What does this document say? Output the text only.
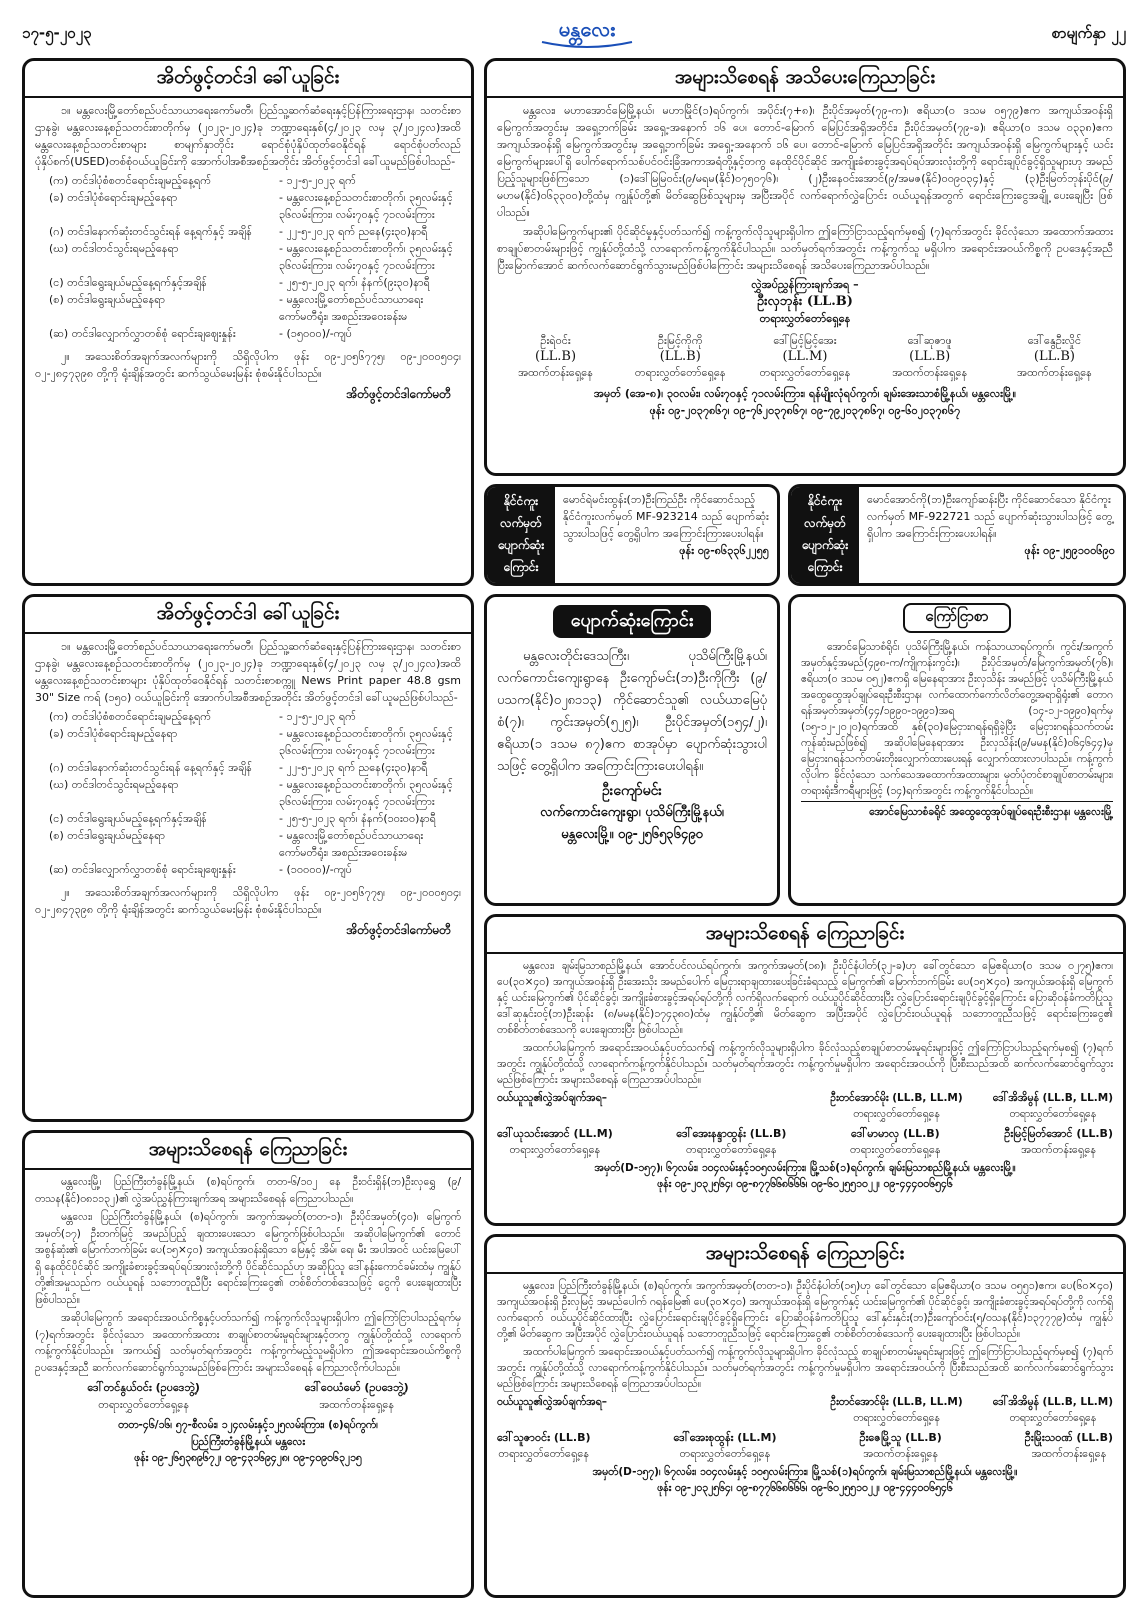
၁၇-၅-၂၀၂၃	မန္တလေး	စာမျက်နှာ ၂၂
အိတ်ဖွင့်တင်ဒါ ခေါ်ယူခြင်း

၁။ မန္တလေးမြို့တော်စည်ပင်သာယာရေးကော်မတီ၊ ပြည်သူ့ဆက်ဆံရေးနှင့်ပြန်ကြားရေးဌာန၊ သတင်းစာဌာနခွဲ၊ မန္တလေးနေ့စဉ်သတင်းစာတိုက်မှ (၂၀၂၃-၂၀၂၄)ခု ဘဏ္ဍာရေးနှစ်(၄/၂၀၂၃ လမှ ၃/၂၀၂၄လ)အထိ မန္တလေးနေ့စဉ်သတင်းစာများ စာမျက်နှာတိုင်း ရောင်စုံပုံနှိပ်ထုတ်ဝေနိုင်ရန် ရောင်စုံပတ်လည်ပုံနှိပ်စက်(USED)တစ်စုံဝယ်ယူခြင်းကို အောက်ပါအစီအစဉ်အတိုင်း အိတ်ဖွင့်တင်ဒါ ခေါ်ယူမည်ဖြစ်ပါသည်-

(က) တင်ဒါပုံစံစတင်ရောင်းချမည့်နေ့ရက်	- ၁၂-၅-၂၀၂၃ ရက်
(ခ) တင်ဒါပုံစံရောင်းချမည့်နေရာ	- မန္တလေးနေ့စဉ်သတင်းစာတိုက်၊ ၃၅လမ်းနှင့် ၃၆လမ်းကြား၊ လမ်း၇၀နှင့် ၇၁လမ်းကြား
(ဂ) တင်ဒါနောက်ဆုံးတင်သွင်းရန် နေ့ရက်နှင့် အချိန်	- ၂၂-၅-၂၀၂၃ ရက် ညနေ(၄း၃၀)နာရီ
(ဃ) တင်ဒါတင်သွင်းရမည့်နေရာ	- မန္တလေးနေ့စဉ်သတင်းစာတိုက်၊ ၃၅လမ်းနှင့် ၃၆လမ်းကြား၊ လမ်း၇၀နှင့် ၇၁လမ်းကြား
(င) တင်ဒါရွေးချယ်မည့်နေ့ရက်နှင့်အချိန်	- ၂၅-၅-၂၀၂၃ ရက်၊ နံနက်(၉း၃၀)နာရီ
(စ) တင်ဒါရွေးချယ်မည့်နေရာ	- မန္တလေးမြို့တော်စည်ပင်သာယာရေးကော်မတီရုံး၊ အစည်းအဝေးခန်းမ
(ဆ) တင်ဒါလျှောက်လွှာတစ်စုံ ရောင်းချဈေးနှုန်း	- (၁၅၀၀၀)/-ကျပ်

၂။ အသေးစိတ်အချက်အလက်များကို သိရှိလိုပါက ဖုန်း ၀၉-၂၀၅၆၇၇၅၊ ၀၉-၂၀၀၀၅၀၄၊ ၀၂-၂၈၄၇၃၉၈ တို့ကို ရုံးချိန်အတွင်း ဆက်သွယ်မေးမြန်း စုံစမ်းနိုင်ပါသည်။

အိတ်ဖွင့်တင်ဒါကော်မတီ
အများသိစေရန် အသိပေးကြေညာခြင်း

မန္တလေး၊ မဟာအောင်မြေမြို့နယ်၊ မဟာမြိုင်(၁)ရပ်ကွက်၊ အပိုင်း(၇+၈)၊ ဦးပိုင်အမှတ်(၇၉-က)၊ ဧရိယာ(၀ ဒသမ ၀၅၇၉)ဧက အကျယ်အဝန်းရှိ မြေကွက်အတွင်းမှ အရှေ့ဘက်ခြမ်း အရှေ့-အနောက် ၁၆ ပေ၊ တောင်-မြောက် မြေပြင်အရှိအတိုင်း၊ ဦးပိုင်အမှတ်(၇၉-ခ)၊ ဧရိယာ(၀ ဒသမ ၀၃၃၈)ဧက အကျယ်အဝန်းရှိ မြေကွက်အတွင်းမှ အရှေ့ဘက်ခြမ်း အရှေ့-အနောက် ၁၆ ပေ၊ တောင်-မြောက် မြေပြင်အရှိအတိုင်း အကျယ်အဝန်းရှိ မြေကွက်များနှင့် ယင်းမြေကွက်များပေါ်ရှိ ပေါက်ရောက်သစ်ပင်ဝင်းခြံအကာအရံတို့နှင့်တကွ နေထိုင်ပိုင်ဆိုင် အကျိုးခံစားခွင့်အရပ်ရပ်အားလုံးတို့ကို ရောင်းချပိုင်ခွင့်ရှိသူများဟု အမည်ပြည့်သူများဖြစ်ကြသော (၁)ဒေါ်မြမြဝင်း(၉/မရမ(နိုင်)၀၇၅၀၇၆)၊ (၂)ဦးနေဝင်းအောင်(၉/အမဇ(နိုင်)၀၀၉၀၃၄)နှင့် (၃)ဦးမြတ်ဘုန်းပိုင်(၉/မဟမ(နိုင်)၀၆၃၃၀၀)တို့ထံမှ ကျွန်ုပ်တို့၏ မိတ်ဆွေဖြစ်သူများမှ အပြီးအပိုင် လက်ရောက်လွှဲပြောင်း ဝယ်ယူရန်အတွက် ရောင်းကြေးငွေအချို့ ပေးချေပြီး ဖြစ်ပါသည်။

အဆိုပါမြေကွက်များ၏ ပိုင်ဆိုင်မှုနှင့်ပတ်သက်၍ ကန့်ကွက်လိုသူများရှိပါက ဤကြော်ငြာသည့်ရက်မှစ၍ (၇)ရက်အတွင်း ခိုင်လုံသော အထောက်အထား စာချုပ်စာတမ်းများဖြင့် ကျွန်ုပ်တို့ထံသို့ လာရောက်ကန့်ကွက်နိုင်ပါသည်။ သတ်မှတ်ရက်အတွင်း ကန့်ကွက်သူ မရှိပါက အရောင်းအဝယ်ကိစ္စကို ဥပဒေနှင့်အညီ ပြီးမြောက်အောင် ဆက်လက်ဆောင်ရွက်သွားမည်ဖြစ်ပါကြောင်း အများသိစေရန် အသိပေးကြေညာအပ်ပါသည်။

လွှဲအပ်ညွှန်ကြားချက်အရ –
ဦးလှဘုန်း (LL.B)
တရားလွှတ်တော်ရှေ့နေ
ဦးရဲဝင်း
(LL.B)
အထက်တန်းရှေ့နေ
ဦးမြင့်ကိုကို
(LL.B)
တရားလွှတ်တော်ရှေ့နေ
ဒေါ်မြင့်မြင့်အေး
(LL.M)
တရားလွှတ်တော်ရှေ့နေ
ဒေါ်ဆုဇာဖူ
(LL.B)
အထက်တန်းရှေ့နေ
ဒေါ်နွေဦးလှိုင်
(LL.B)
အထက်တန်းရှေ့နေ
အမှတ် (အေ-၈)၊ ၃၀လမ်း၊ လမ်း၇၀နှင့် ၇၁လမ်းကြား၊ ရန်မျိုးလုံရပ်ကွက်၊ ချမ်းအေးသာစံမြို့နယ်၊ မန္တလေးမြို့။
ဖုန်း ၀၉-၂၀၃၇၈၆၇၊ ၀၉-၇၆၂၀၃၇၈၆၇၊ ၀၉-၇၉၂၀၃၇၈၆၇၊ ၀၉-၆၀၂၀၃၇၈၆၇
နိုင်ငံကူး
လက်မှတ်
ပျောက်ဆုံး
ကြောင်း
မောင်ရဲမင်းထွန်း(ဘ)ဦးကြည်ဦး ကိုင်ဆောင်သည့် နိုင်ငံကူးလက်မှတ် MF-923214 သည် ပျောက်ဆုံးသွားပါသဖြင့် တွေ့ရှိပါက အကြောင်းကြားပေးပါရန်။
ဖုန်း ၀၉-၈၆၃၃၆၂၂၅၅
နိုင်ငံကူး
လက်မှတ်
ပျောက်ဆုံး
ကြောင်း
မောင်အောင်ကို(ဘ)ဦးကျော်ဆန်းပြီး ကိုင်ဆောင်သော နိုင်ငံကူးလက်မှတ် MF-922721 သည် ပျောက်ဆုံးသွားပါသဖြင့် တွေ့ရှိပါက အကြောင်းကြားပေးပါရန်။
ဖုန်း ၀၉-၂၅၉၁၀၀၆၉၀
အိတ်ဖွင့်တင်ဒါ ခေါ်ယူခြင်း

၁။ မန္တလေးမြို့တော်စည်ပင်သာယာရေးကော်မတီ၊ ပြည်သူ့ဆက်ဆံရေးနှင့်ပြန်ကြားရေးဌာန၊ သတင်းစာဌာနခွဲ၊ မန္တလေးနေ့စဉ်သတင်းစာတိုက်မှ (၂၀၂၃-၂၀၂၄)ခု ဘဏ္ဍာရေးနှစ်(၄/၂၀၂၃ လမှ ၃/၂၀၂၄လ)အထိ မန္တလေးနေ့စဉ်သတင်းစာများ ပုံနှိပ်ထုတ်ဝေနိုင်ရန် သတင်းစာစက္ကူ News Print paper 48.8 gsm 30" Size ကရ် (၁၅၀) ဝယ်ယူခြင်းကို အောက်ပါအစီအစဉ်အတိုင်း အိတ်ဖွင့်တင်ဒါ ခေါ်ယူမည်ဖြစ်ပါသည်-

(က) တင်ဒါပုံစံစတင်ရောင်းချမည့်နေ့ရက်	- ၁၂-၅-၂၀၂၃ ရက်
(ခ) တင်ဒါပုံစံရောင်းချမည့်နေရာ	- မန္တလေးနေ့စဉ်သတင်းစာတိုက်၊ ၃၅လမ်းနှင့် ၃၆လမ်းကြား၊ လမ်း၇၀နှင့် ၇၁လမ်းကြား
(ဂ) တင်ဒါနောက်ဆုံးတင်သွင်းရန် နေ့ရက်နှင့် အချိန်	- ၂၂-၅-၂၀၂၃ ရက် ညနေ(၄း၃၀)နာရီ
(ဃ) တင်ဒါတင်သွင်းရမည့်နေရာ	- မန္တလေးနေ့စဉ်သတင်းစာတိုက်၊ ၃၅လမ်းနှင့် ၃၆လမ်းကြား၊ လမ်း၇၀နှင့် ၇၁လမ်းကြား
(င) တင်ဒါရွေးချယ်မည့်နေ့ရက်နှင့်အချိန်	- ၂၅-၅-၂၀၂၃ ရက်၊ နံနက်(၁၀း၀၀)နာရီ
(စ) တင်ဒါရွေးချယ်မည့်နေရာ	- မန္တလေးမြို့တော်စည်ပင်သာယာရေးကော်မတီရုံး၊ အစည်းအဝေးခန်းမ
(ဆ) တင်ဒါလျှောက်လွှာတစ်စုံ ရောင်းချဈေးနှုန်း	- (၁၀၀၀၀)/-ကျပ်

၂။ အသေးစိတ်အချက်အလက်များကို သိရှိလိုပါက ဖုန်း ၀၉-၂၀၅၆၇၇၅၊ ၀၉-၂၀၀၀၅၀၄၊ ၀၂-၂၈၄၇၃၉၈ တို့ကို ရုံးချိန်အတွင်း ဆက်သွယ်မေးမြန်း စုံစမ်းနိုင်ပါသည်။

အိတ်ဖွင့်တင်ဒါကော်မတီ
ပျောက်ဆုံးကြောင်း

မန္တလေးတိုင်းဒေသကြီး၊ ပုသိမ်ကြီးမြို့နယ်၊ လက်ကောင်းကျေးရွာနေ ဦးကျော်မင်း(ဘ)ဦးကိုကြီး (၉/ပသက(နိုင်)၀၂၈၁၁၃) ကိုင်ဆောင်သူ၏ လယ်ယာမြေပုံစံ(၇)၊ ကွင်းအမှတ်(၅၂၅)၊ ဦးပိုင်အမှတ်(၁၅၄/၂)၊ ဧရိယာ(၁ ဒသမ ၈၇)ဧက စာအုပ်မှာ ပျောက်ဆုံးသွားပါသဖြင့် တွေ့ရှိပါက အကြောင်းကြားပေးပါရန်။

ဦးကျော်မင်း
လက်ကောင်းကျေးရွာ၊ ပုသိမ်ကြီးမြို့နယ်၊
မန္တလေးမြို့။ ၀၉-၂၅၆၅၃၆၄၉၀
ကြော်ငြာစာ

အောင်မြေသာစံရိုင်၊ ပုသိမ်ကြီးမြို့နယ်၊ ကန်သာယာရပ်ကွက်၊ ကွင်း/အကွက်အမှတ်နှင့်အမည်(၄၉၈-က/ကျိုကန်းကွင်း)၊ ဦးပိုင်အမှတ်/မြေကွက်အမှတ်(၇၆)၊ ဧရိယာ(၀ ဒသမ ၀၅၂)ဧကရှိ မြေနေရာအား ဦးလှသိန်း အမည်ဖြင့် ပုသိမ်ကြီးမြို့နယ် အထွေထွေအုပ်ချုပ်ရေးဦးစီးဌာန၊ လက်ထောက်ကော်လိတ်တွေ့အရာရှိရုံး၏ တောဂရန်အမှတ်အမှတ်(၄၄/၁၉၉၀-၁၉၉၁)အရ (၁၄-၁၂-၁၉၉၀)ရက်မှ (၁၅-၁၂-၂၀၂၀)ရက်အထိ နှစ်(၃၀)မြေငှားဂရန်ရရှိခဲ့ပြီး မြေငှားဂရန်သက်တမ်းကုန်ဆုံးမည်ဖြစ်၍ အဆိုပါမြေနေရာအား ဦးလှသိန်း(၉/မမန(နိုင်)၀၆၄၆၄၄)မှ မြေငှားဂရန်သက်တမ်းတိုးလျှောက်ထားပေးရန် လျှောက်ထားလာပါသည်။ ကန့်ကွက်လိုပါက ခိုင်လုံသော သက်သေအထောက်အထားများ၊ မှတ်ပုံတင်စာချုပ်စာတမ်းများ၊ တရားရုံးဒီကရီများဖြင့် (၁၄)ရက်အတွင်း ကန့်ကွက်နိုင်ပါသည်။

အောင်မြေသာစံခရိုင် အထွေထွေအုပ်ချုပ်ရေးဦးစီးဌာန၊ မန္တလေးမြို့
အများသိစေရန် ကြေညာခြင်း

မန္တလေး၊ ချမ်းမြသာစည်မြို့နယ်၊ အောင်ပင်လယ်ရပ်ကွက်၊ အကွက်အမှတ်(၁၈)၊ ဦးပိုင်နံပါတ်(၃၂-ခ)ဟု ခေါ်တွင်သော မြေဧရိယာ(၀ ဒသမ ၀၂၇၅)ဧက၊ ပေ(၃၀×၄၀) အကျယ်အဝန်းရှိ ဦးအေးသိုး အမည်ပေါက် မြေငှားရာချထားပေးခြင်းခံရသည့် မြေကွက်၏ မြောက်ဘက်ခြမ်း ပေ(၁၅×၄၀) အကျယ်အဝန်းရှိ မြေကွက်နှင့် ယင်းမြေကွက်၏ ပိုင်ဆိုင်ခွင့်၊ အကျိုးခံစားခွင့်အရပ်ရပ်တို့ကို လက်ရှိလက်ရောက် ဝယ်ယူပိုင်ဆိုင်ထားပြီး လွှဲပြောင်းရောင်းချပိုင်ခွင့်ရှိကြောင်း ပြောဆိုဝန်ခံကတိပြုသူ ဒေါ်ဆုနှင်းဝင့်(ဘ)ဦးဆုန်း (၈/မမန(နိုင်)၁၇၄၃၈၀)ထံမှ ကျွန်ုပ်တို့၏ မိတ်ဆွေက အပြီးအပိုင် လွှဲပြောင်းဝယ်ယူရန် သဘောတူညီသဖြင့် ရောင်းကြေးငွေ၏ တစ်စိတ်တစ်ဒေသကို ပေးချေထားပြီး ဖြစ်ပါသည်။

အထက်ပါမြေကွက် အရောင်းအဝယ်နှင့်ပတ်သက်၍ ကန့်ကွက်လိုသူများရှိပါက ခိုင်လုံသည့်စာချုပ်စာတမ်းမူရင်းများဖြင့် ဤကြော်ငြာပါသည့်ရက်မှစ၍ (၇)ရက်အတွင်း ကျွန်ုပ်တို့ထံသို့ လာရောက်ကန့်ကွက်နိုင်ပါသည်။ သတ်မှတ်ရက်အတွင်း ကန့်ကွက်မှုမရှိပါက အရောင်းအဝယ်ကို ပြီးစီးသည်အထိ ဆက်လက်ဆောင်ရွက်သွားမည်ဖြစ်ကြောင်း အများသိစေရန် ကြေညာအပ်ပါသည်။

ဝယ်ယူသူ၏လွှဲအပ်ချက်အရ–	ဦးတင်အောင်မိုး (LL.B, LL.M)
တရားလွှတ်တော်ရှေ့နေ
ဒေါ်အိအိမွန် (LL.B, LL.M)
တရားလွှတ်တော်ရှေ့နေ
ဒေါ်ယုသင်းအောင် (LL.M)
တရားလွှတ်တော်ရှေ့နေ
ဒေါ်အေးနန္ဒာထွန်း (LL.B)
တရားလွှတ်တော်ရှေ့နေ
ဒေါ်မာမာလှ (LL.B)
တရားလွှတ်တော်ရှေ့နေ
ဦးမြင့်မြတ်အောင် (LL.B)
အထက်တန်းရှေ့နေ
အမှတ်(D-၁၅၇)၊ ၆၇လမ်း၊ ၁၀၄လမ်းနှင့်၁၀၅လမ်းကြား၊ မြို့သစ်(၁)ရပ်ကွက်၊ ချမ်းမြသာစည်မြို့နယ်၊ မန္တလေးမြို့။
ဖုန်း ၀၉-၂၀၃၂၅၆၄၊ ၀၉-၈၇၇၆၆၈၆၆၆၊ ၀၉-၆၀၂၅၅၁၀၂၂၊ ၀၉-၄၄၄၀၀၆၅၄၆
အများသိစေရန် ကြေညာခြင်း

မန္တလေးမြို့၊ ပြည်ကြီးတံခွန်မြို့နယ်၊ (စ)ရပ်ကွက်၊ တတ-၆/၁၀၂ နေ ဦးဝင်းရှိန်(ဘ)ဦးလှရွှေ (၉/တသန(နိုင်)၀၈၁၁၃၂)၏ လွှဲအပ်ညွှန်ကြားချက်အရ အများသိစေရန် ကြေညာပါသည်။

မန္တလေး၊ ပြည်ကြီးတံခွန်မြို့နယ်၊ (စ)ရပ်ကွက်၊ အကွက်အမှတ်(တတ-၁)၊ ဦးပိုင်အမှတ်(၄၀)၊ မြေကွက်အမှတ်(၁၇) ဦးတက်မြင့် အမည်ပြည့် ချထားပေးသော မြေကွက်ဖြစ်ပါသည်။ အဆိုပါမြေကွက်၏ တောင်အစွန်ဆုံး၏ မြောက်ဘက်ခြမ်း ပေ(၁၅×၄၀) အကျယ်အဝန်းရှိသော မြေနှင့် အိမ်၊ ရေ၊ မီး အပါအဝင် ယင်းမြေပေါ်ရှိ နေထိုင်ပိုင်ဆိုင် အကျိုးခံစားခွင့်အရပ်ရပ်အားလုံးတို့ကို ပိုင်ဆိုင်သည်ဟု အဆိုပြုသူ ဒေါ်နန်းကောင်ခမ်းထံမှ ကျွန်ုပ်တို့၏အမှုသည်က ဝယ်ယူရန် သဘောတူညီပြီး ရောင်းကြေးငွေ၏ တစ်စိတ်တစ်ဒေသဖြင့် ငွေကို ပေးချေထားပြီး ဖြစ်ပါသည်။

အဆိုပါမြေကွက် အရောင်းအဝယ်ကိစ္စနှင့်ပတ်သက်၍ ကန့်ကွက်လိုသူများရှိပါက ဤကြော်ငြာပါသည့်ရက်မှ (၇)ရက်အတွင်း ခိုင်လုံသော အထောက်အထား စာချုပ်စာတမ်းမူရင်းများနှင့်တကွ ကျွန်ုပ်တို့ထံသို့ လာရောက်ကန့်ကွက်နိုင်ပါသည်။ အကယ်၍ သတ်မှတ်ရက်အတွင်း ကန့်ကွက်မည့်သူမရှိပါက ဤအရောင်းအဝယ်ကိစ္စကို ဥပဒေနှင့်အညီ ဆက်လက်ဆောင်ရွက်သွားမည်ဖြစ်ကြောင်း အများသိစေရန် ကြေညာလိုက်ပါသည်။

ဒေါ်တင်နွယ်ဝင်း (ဥပဒေဘွဲ့)
တရားလွှတ်တော်ရှေ့နေ
ဒေါ်ဝေယံမော် (ဥပဒေဘွဲ့)
အထက်တန်းရှေ့နေ
တတ-၄၆/၁၆၊ ၅၇-စီလမ်း၊ ၁၂၄လမ်းနှင့်၁၂၅လမ်းကြား၊ (စ)ရပ်ကွက်၊
ပြည်ကြီးတံခွန်မြို့နယ်၊ မန္တလေး
ဖုန်း ၀၉-၂၆၅၃၈၉၆၇၂၊ ၀၉-၄၃၁၆၉၄၂၈၊ ၀၉-၄၀၉၀၆၃၂၁၅
အများသိစေရန် ကြေညာခြင်း

မန္တလေး၊ ပြည်ကြီးတံခွန်မြို့နယ်၊ (စ)ရပ်ကွက်၊ အကွက်အမှတ်(တတ-၁)၊ ဦးပိုင်နံပါတ်(၁၅)ဟု ခေါ်တွင်သော မြေဧရိယာ(၀ ဒသမ ၀၅၅၁)ဧက၊ ပေ(၆၀×၄၀) အကျယ်အဝန်းရှိ ဦးလှမြင့် အမည်ပေါက် ဂရန်မြေ၏ ပေ(၃၀×၄၀) အကျယ်အဝန်းရှိ မြေကွက်နှင့် ယင်းမြေကွက်၏ ပိုင်ဆိုင်ခွင့်၊ အကျိုးခံစားခွင့်အရပ်ရပ်တို့ကို လက်ရှိလက်ရောက် ဝယ်ယူပိုင်ဆိုင်ထားပြီး လွှဲပြောင်းရောင်းချပိုင်ခွင့်ရှိကြောင်း ပြောဆိုဝန်ခံကတိပြုသူ ဒေါ်နှင်းနှင်း(ဘ)ဦးကျော်ဝင်း(၅/ဝသန(နိုင်)၁၃၇၇၇၉)ထံမှ ကျွန်ုပ်တို့၏ မိတ်ဆွေက အပြီးအပိုင် လွှဲပြောင်းဝယ်ယူရန် သဘောတူညီသဖြင့် ရောင်းကြေးငွေ၏ တစ်စိတ်တစ်ဒေသကို ပေးချေထားပြီး ဖြစ်ပါသည်။

အထက်ပါမြေကွက် အရောင်းအဝယ်နှင့်ပတ်သက်၍ ကန့်ကွက်လိုသူများရှိပါက ခိုင်လုံသည့် စာချုပ်စာတမ်းမူရင်းများဖြင့် ဤကြော်ငြာပါသည့်ရက်မှစ၍ (၇)ရက်အတွင်း ကျွန်ုပ်တို့ထံသို့ လာရောက်ကန့်ကွက်နိုင်ပါသည်။ သတ်မှတ်ရက်အတွင်း ကန့်ကွက်မှုမရှိပါက အရောင်းအဝယ်ကို ပြီးစီးသည်အထိ ဆက်လက်ဆောင်ရွက်သွားမည်ဖြစ်ကြောင်း အများသိစေရန် ကြေညာအပ်ပါသည်။

ဝယ်ယူသူ၏လွှဲအပ်ချက်အရ–	ဦးတင်အောင်မိုး (LL.B, LL.M)
တရားလွှတ်တော်ရှေ့နေ
ဒေါ်အိအိမွန် (LL.B, LL.M)
တရားလွှတ်တော်ရှေ့နေ
ဒေါ်သူဇာဝင်း (LL.B)
တရားလွှတ်တော်ရှေ့နေ
ဒေါ်အေးစုထွန်း (LL.M)
တရားလွှတ်တော်ရှေ့နေ
ဦးဇေမြို့သူ (LL.B)
အထက်တန်းရှေ့နေ
ဦးမြိုးသဝဏ် (LL.B)
အထက်တန်းရှေ့နေ
အမှတ်(D-၁၅၇)၊ ၆၇လမ်း၊ ၁၀၄လမ်းနှင့် ၁၀၅လမ်းကြား၊ မြို့သစ်(၁)ရပ်ကွက်၊ ချမ်းမြသာစည်မြို့နယ်၊ မန္တလေးမြို့။
ဖုန်း ၀၉-၂၀၃၂၅၆၄၊ ၀၉-၈၇၇၆၆၈၆၆၆၊ ၀၉-၆၀၂၅၅၁၀၂၂၊ ၀၉-၄၄၄၀၀၆၅၄၆
